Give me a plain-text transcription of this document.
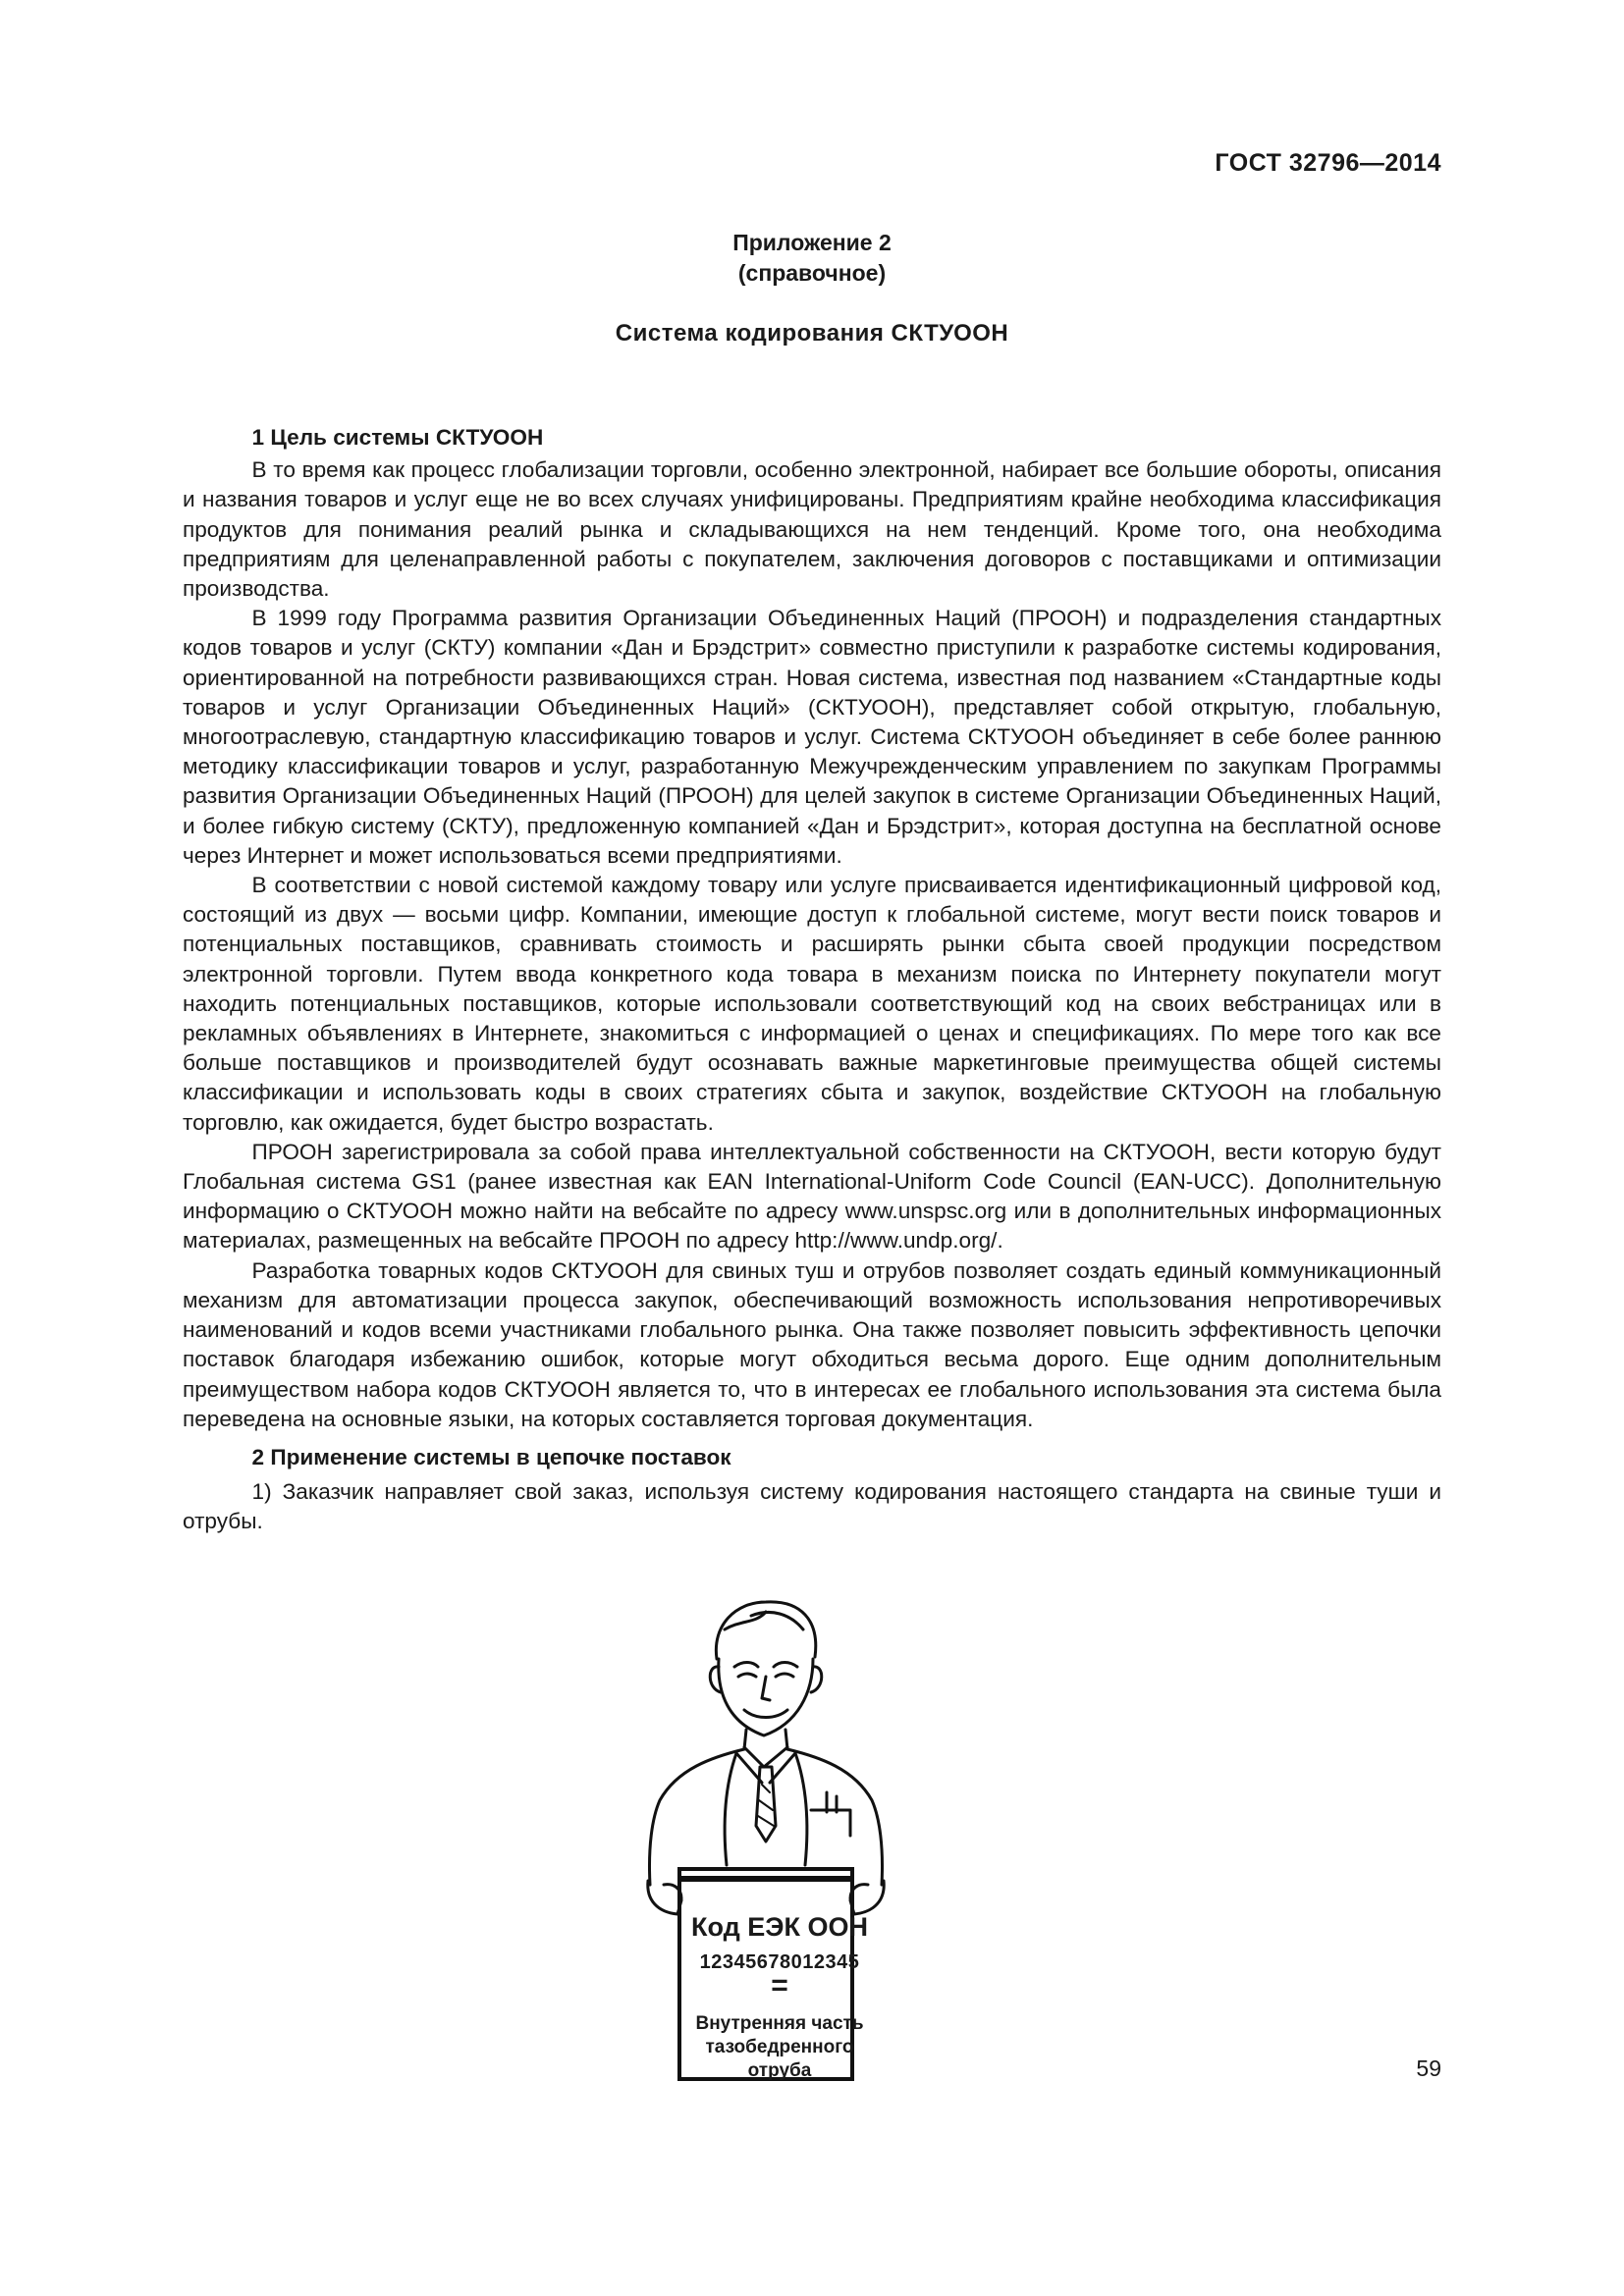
ГОСТ 32796—2014
Приложение 2
(справочное)
Система кодирования СКТУООН

1 Цель системы СКТУООН

В то время как процесс глобализации торговли, особенно электронной, набирает все большие обороты, описания и названия товаров и услуг еще не во всех случаях унифицированы. Предприятиям крайне необходима классификация продуктов для понимания реалий рынка и складывающихся на нем тенденций. Кроме того, она необходима предприятиям для целенаправленной работы с покупателем, заключения договоров с поставщиками и оптимизации производства.

В 1999 году Программа развития Организации Объединенных Наций (ПРООН) и подразделения стандартных кодов товаров и услуг (СКТУ) компании «Дан и Брэдстрит» совместно приступили к разработке системы кодирования, ориентированной на потребности развивающихся стран. Новая система, известная под названием «Стандартные коды товаров и услуг Организации Объединенных Наций» (СКТУООН), представляет собой открытую, глобальную, многоотраслевую, стандартную классификацию товаров и услуг. Система СКТУООН объединяет в себе более раннюю методику классификации товаров и услуг, разработанную Межучрежденческим управлением по закупкам Программы развития Организации Объединенных Наций (ПРООН) для целей закупок в системе Организации Объединенных Наций, и более гибкую систему (СКТУ), предложенную компанией «Дан и Брэдстрит», которая доступна на бесплатной основе через Интернет и может использоваться всеми предприятиями.

В соответствии с новой системой каждому товару или услуге присваивается идентификационный цифровой код, состоящий из двух — восьми цифр. Компании, имеющие доступ к глобальной системе, могут вести поиск товаров и потенциальных поставщиков, сравнивать стоимость и расширять рынки сбыта своей продукции посредством электронной торговли. Путем ввода конкретного кода товара в механизм поиска по Интернету покупатели могут находить потенциальных поставщиков, которые использовали соответствующий код на своих вебстраницах или в рекламных объявлениях в Интернете, знакомиться с информацией о ценах и спецификациях. По мере того как все больше поставщиков и производителей будут осознавать важные маркетинговые преимущества общей системы классификации и использовать коды в своих стратегиях сбыта и закупок, воздействие СКТУООН на глобальную торговлю, как ожидается, будет быстро возрастать.

ПРООН зарегистрировала за собой права интеллектуальной собственности на СКТУООН, вести которую будут Глобальная система GS1 (ранее известная как EAN International-Uniform Code Council (EAN-UCC). Дополнительную информацию о СКТУООН можно найти на вебсайте по адресу www.unspsc.org или в дополнительных информационных материалах, размещенных на вебсайте ПРООН по адресу http://www.undp.org/.

Разработка товарных кодов СКТУООН для свиных туш и отрубов позволяет создать единый коммуникационный механизм для автоматизации процесса закупок, обеспечивающий возможность использования непротиворечивых наименований и кодов всеми участниками глобального рынка. Она также позволяет повысить эффективность цепочки поставок благодаря избежанию ошибок, которые могут обходиться весьма дорого. Еще одним дополнительным преимуществом набора кодов СКТУООН является то, что в интересах ее глобального использования эта система была переведена на основные языки, на которых составляется торговая документация.

2 Применение системы в цепочке поставок

1) Заказчик направляет свой заказ, используя систему кодирования настоящего стандарта на свиные туши и отрубы.

Код ЕЭК ООН
12345678012345
=
Внутренняя часть
тазобедренного
отруба	59
